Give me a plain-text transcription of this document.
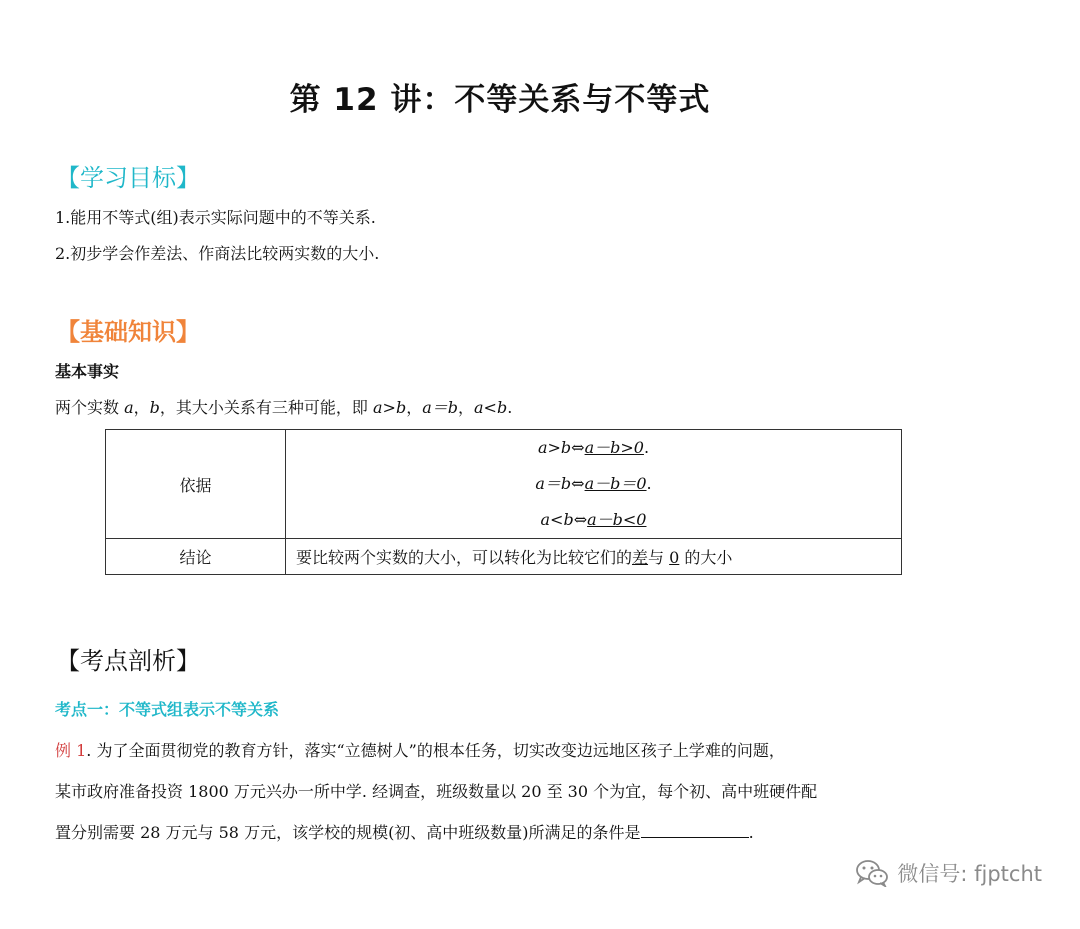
第 12 讲：不等关系与不等式
【学习目标】
1.能用不等式(组)表示实际问题中的不等关系.
2.初步学会作差法、作商法比较两实数的大小.
【基础知识】
基本事实
两个实数 a，b，其大小关系有三种可能，即 a>b，a＝b，a<b.
依据	a>b⇔a－b>0.
a＝b⇔a－b＝0.
a<b⇔a－b<0

结论	要比较两个实数的大小，可以转化为比较它们的差与 0 的大小
【考点剖析】
考点一：不等式组表示不等关系
例 1. 为了全面贯彻党的教育方针，落实“立德树人”的根本任务，切实改变边远地区孩子上学难的问题，
某市政府准备投资 1800 万元兴办一所中学. 经调查，班级数量以 20 至 30 个为宜，每个初、高中班硬件配
置分别需要 28 万元与 58 万元，该学校的规模(初、高中班级数量)所满足的条件是	.
微信号: fjptcht
